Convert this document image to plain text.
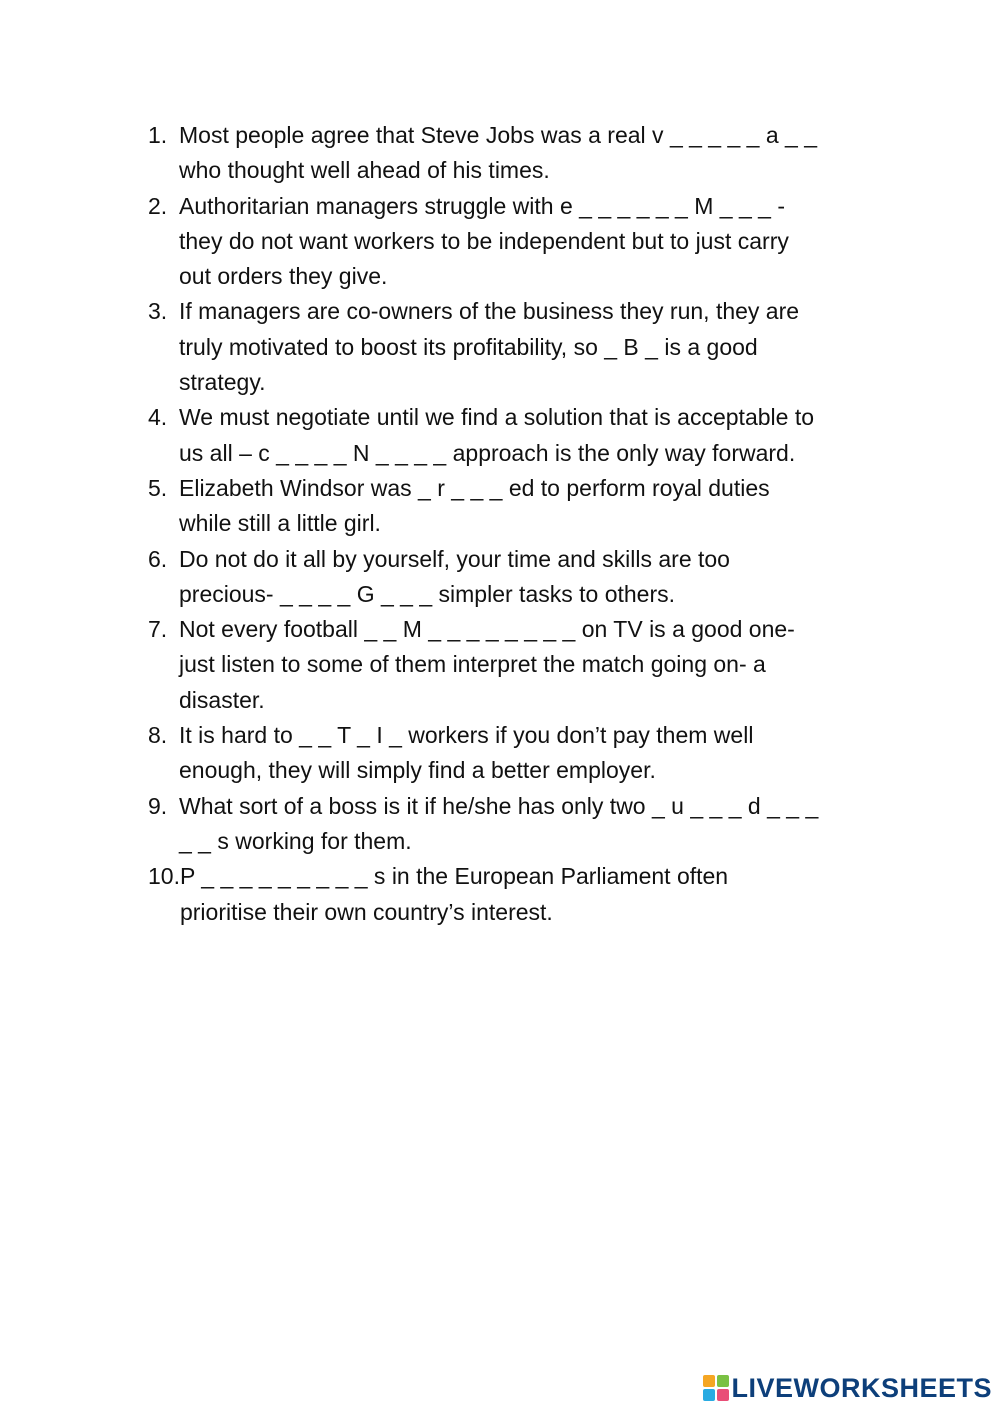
1. Most people agree that Steve Jobs was a real v _ _ _ _ _ a _ _
who thought well ahead of his times.
2. Authoritarian managers struggle with e _ _ _ _ _ _ M _ _ _ -
they do not want workers to be independent but to just carry
out orders they give.
3. If managers are co-owners of the business they run, they are
truly motivated to boost its profitability, so _ B _ is a good
strategy.
4. We must negotiate until we find a solution that is acceptable to
us all – c _ _ _ _ N _ _ _ _ approach is the only way forward.
5. Elizabeth Windsor was _ r _ _ _ ed to perform royal duties
while still a little girl.
6. Do not do it all by yourself, your time and skills are too
precious- _ _ _ _ G _ _ _ simpler tasks to others.
7. Not every football _ _ M _ _ _ _ _ _ _ _ on TV is a good one-
just listen to some of them interpret the match going on- a
disaster.
8. It is hard to _ _ T _ I _ workers if you don’t pay them well
enough, they will simply find a better employer.
9. What sort of a boss is it if he/she has only two _ u _ _ _ d _ _ _
_ _ s working for them.
10. P _ _ _ _ _ _ _ _ _ s in the European Parliament often
prioritise their own country’s interest.
LIVEWORKSHEETS
